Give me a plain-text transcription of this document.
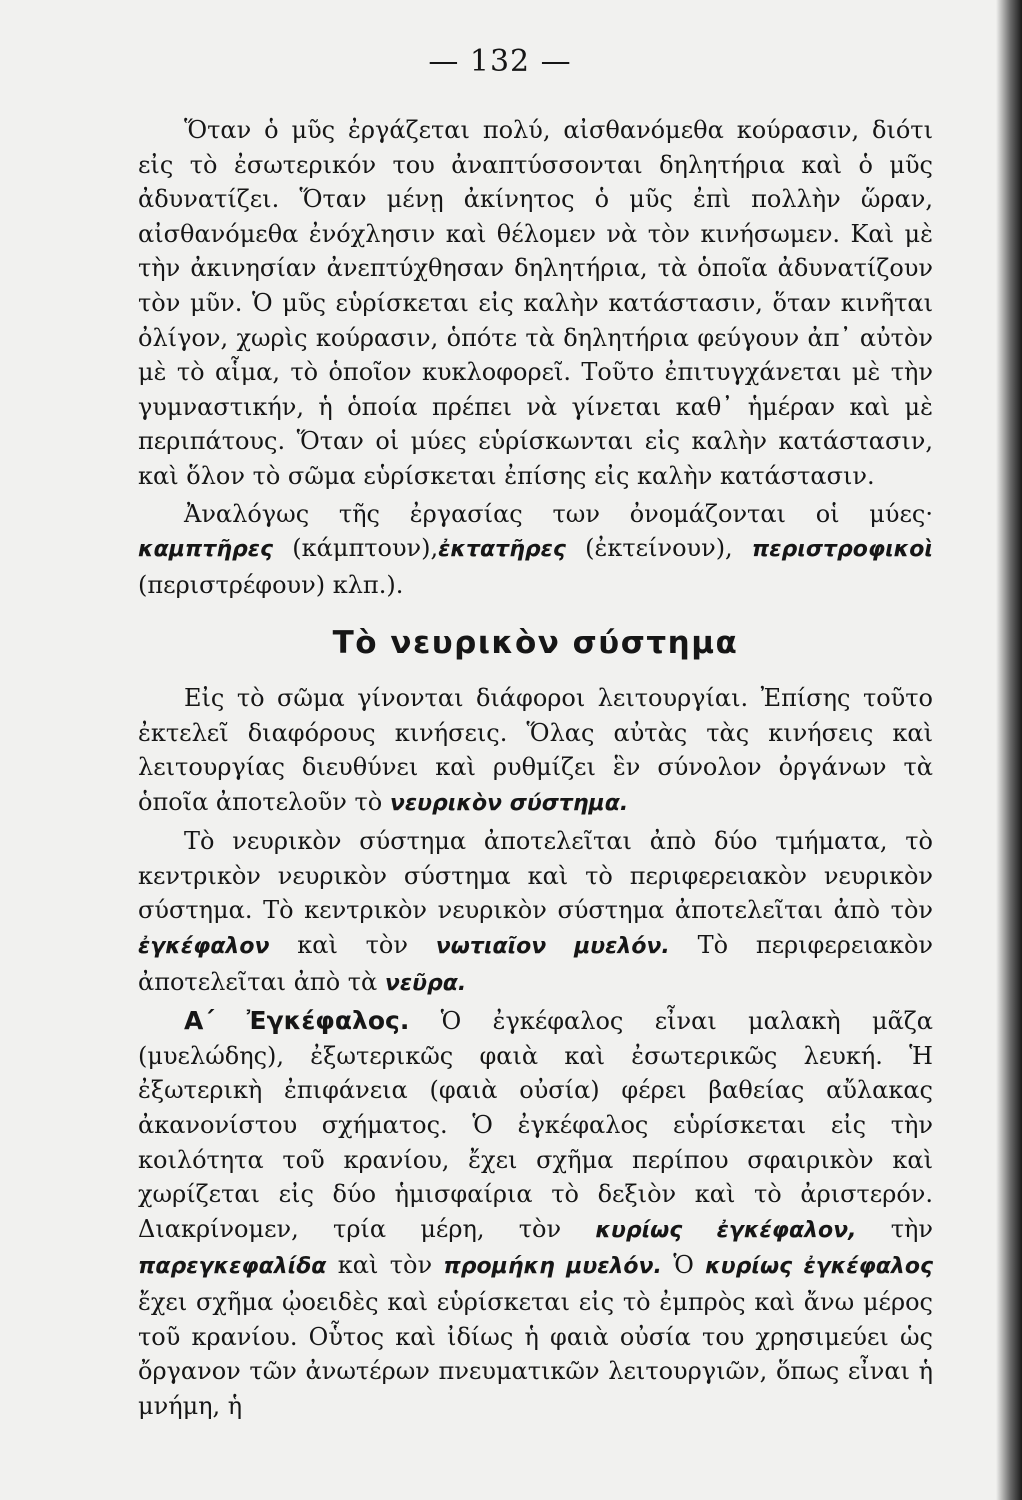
— 132 —

Ὅταν ὁ μῦς ἐργάζεται πολύ, αἰσθανόμεθα κούρασιν, διότι εἰς τὸ ἐσωτερικόν του ἀναπτύσσονται δηλητήρια καὶ ὁ μῦς ἀδυνατίζει. Ὅταν μένῃ ἀκίνητος ὁ μῦς ἐπὶ πολλὴν ὥραν, αἰσθανόμεθα ἐνόχλησιν καὶ θέλομεν νὰ τὸν κινήσωμεν. Καὶ μὲ τὴν ἀκινησίαν ἀνεπτύχθησαν δηλητήρια, τὰ ὁποῖα ἀδυνατίζουν τὸν μῦν. Ὁ μῦς εὑρίσκεται εἰς καλὴν κατάστασιν, ὅταν κινῆται ὀλίγον, χωρὶς κούρασιν, ὁπότε τὰ δηλητήρια φεύγουν ἀπ᾿ αὐτὸν μὲ τὸ αἷμα, τὸ ὁποῖον κυκλοφορεῖ. Τοῦτο ἐπιτυγχάνεται μὲ τὴν γυμναστικήν, ἡ ὁποία πρέπει νὰ γίνεται καθ᾿ ἡμέραν καὶ μὲ περιπάτους. Ὅταν οἱ μύες εὑρίσκωνται εἰς καλὴν κατάστασιν, καὶ ὅλον τὸ σῶμα εὑρίσκεται ἐπίσης εἰς καλὴν κατάστασιν.

Ἀναλόγως τῆς ἐργασίας των ὀνομάζονται οἱ μύες· καμπτῆρες (κάμπτουν),ἐκτατῆρες (ἐκτείνουν), περιστροφικοὶ (περιστρέφουν) κλπ.).

Τὸ νευρικὸν σύστημα

Εἰς τὸ σῶμα γίνονται διάφοροι λειτουργίαι. Ἐπίσης τοῦτο ἐκτελεῖ διαφόρους κινήσεις. Ὅλας αὐτὰς τὰς κινήσεις καὶ λειτουργίας διευθύνει καὶ ρυθμίζει ἓν σύνολον ὀργάνων τὰ ὁποῖα ἀποτελοῦν τὸ νευρικὸν σύστημα.

Τὸ νευρικὸν σύστημα ἀποτελεῖται ἀπὸ δύο τμήματα, τὸ κεντρικὸν νευρικὸν σύστημα καὶ τὸ περιφερειακὸν νευρικὸν σύστημα. Τὸ κεντρικὸν νευρικὸν σύστημα ἀποτελεῖται ἀπὸ τὸν ἐγκέφαλον καὶ τὸν νωτιαῖον μυελόν. Τὸ περιφερειακὸν ἀποτελεῖται ἀπὸ τὰ νεῦρα.

Α΄ Ἐγκέφαλος. Ὁ ἐγκέφαλος εἶναι μαλακὴ μᾶζα (μυελώδης), ἐξωτερικῶς φαιὰ καὶ ἐσωτερικῶς λευκή. Ἡ ἐξωτερικὴ ἐπιφάνεια (φαιὰ οὐσία) φέρει βαθείας αὔλακας ἀκανονίστου σχήματος. Ὁ ἐγκέφαλος εὑρίσκεται εἰς τὴν κοιλότητα τοῦ κρανίου, ἔχει σχῆμα περίπου σφαιρικὸν καὶ χωρίζεται εἰς δύο ἡμισφαίρια τὸ δεξιὸν καὶ τὸ ἀριστερόν. Διακρίνομεν, τρία μέρη, τὸν κυρίως ἐγκέφαλον, τὴν παρεγκεφαλίδα καὶ τὸν προμήκη μυελόν. Ὁ κυρίως ἐγκέφαλος ἔχει σχῆμα ᾠοειδὲς καὶ εὑρίσκεται εἰς τὸ ἐμπρὸς καὶ ἄνω μέρος τοῦ κρανίου. Οὗτος καὶ ἰδίως ἡ φαιὰ οὐσία του χρησιμεύει ὡς ὄργανον τῶν ἀνωτέρων πνευματικῶν λειτουργιῶν, ὅπως εἶναι ἡ μνήμη, ἡ
